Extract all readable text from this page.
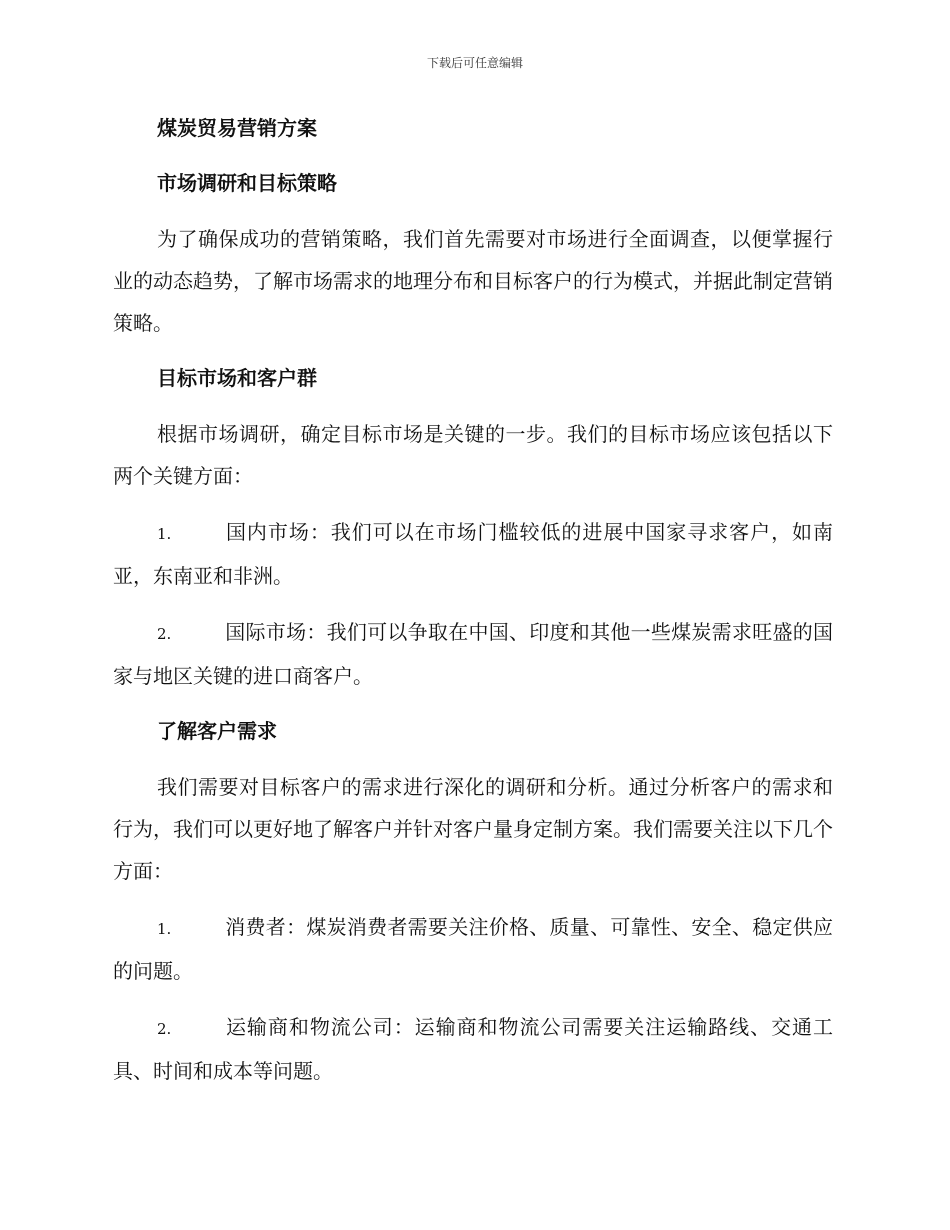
下载后可任意编辑
煤炭贸易营销方案
市场调研和目标策略

为了确保成功的营销策略，我们首先需要对市场进行全面调查，以便掌握行业的动态趋势，了解市场需求的地理分布和目标客户的行为模式，并据此制定营销策略。

目标市场和客户群

根据市场调研，确定目标市场是关键的一步。我们的目标市场应该包括以下两个关键方面：

1.	国内市场：我们可以在市场门槛较低的进展中国家寻求客户，如南亚，东南亚和非洲。

2.	国际市场：我们可以争取在中国、印度和其他一些煤炭需求旺盛的国家与地区关键的进口商客户。

了解客户需求

我们需要对目标客户的需求进行深化的调研和分析。通过分析客户的需求和行为，我们可以更好地了解客户并针对客户量身定制方案。我们需要关注以下几个方面：

1.	消费者：煤炭消费者需要关注价格、质量、可靠性、安全、稳定供应的问题。

2.	运输商和物流公司：运输商和物流公司需要关注运输路线、交通工具、时间和成本等问题。
